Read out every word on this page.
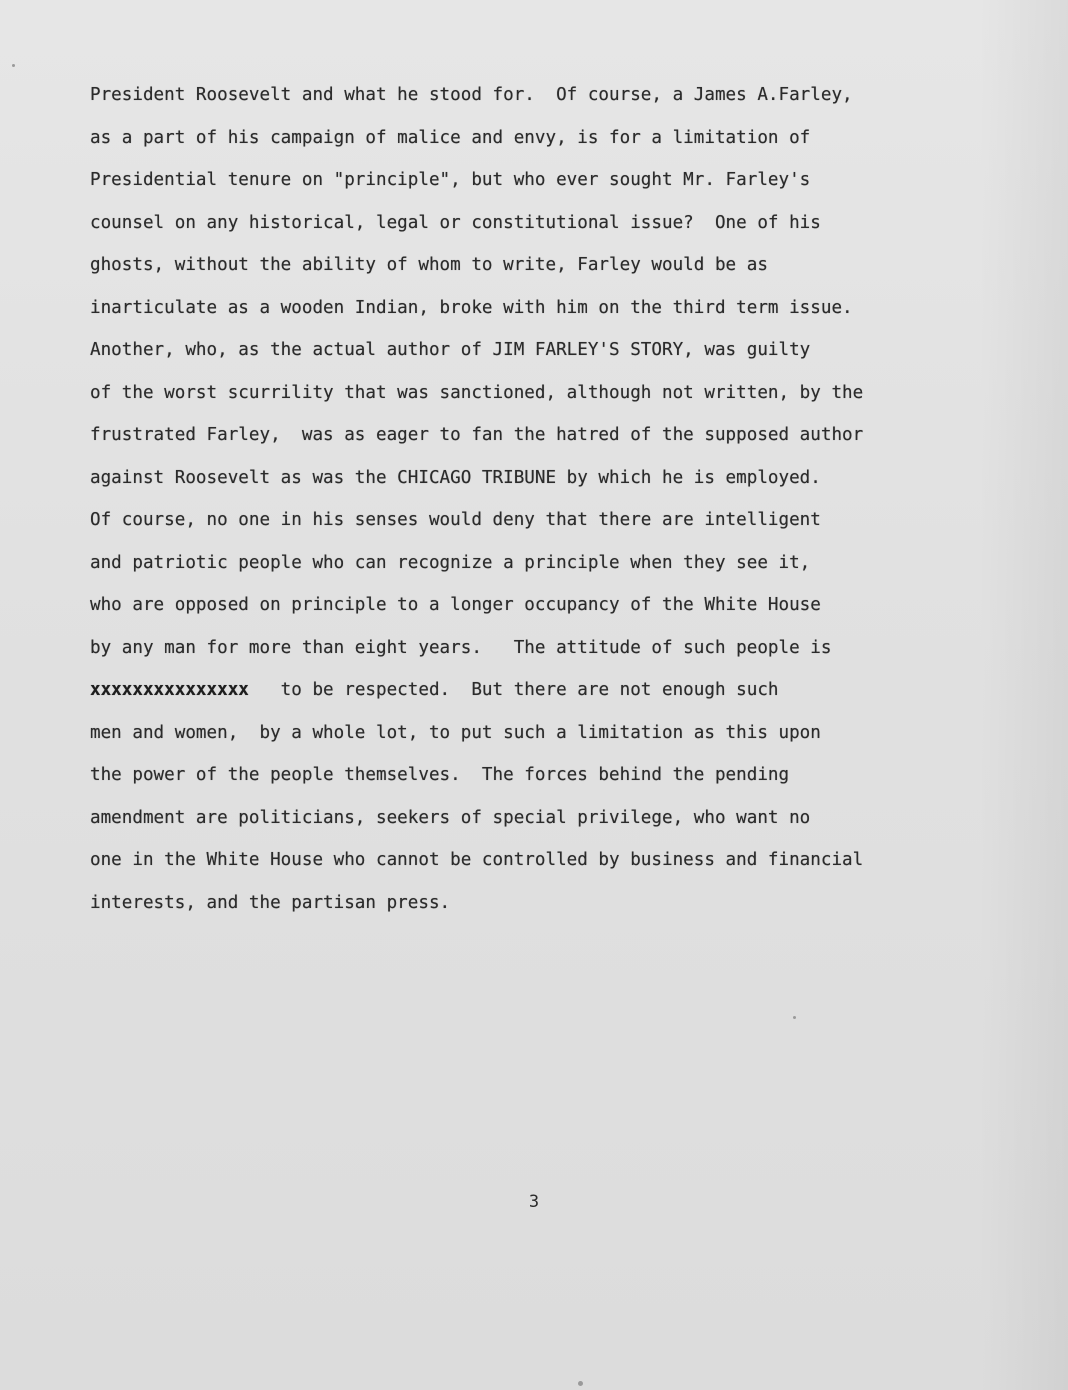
President Roosevelt and what he stood for.  Of course, a James A.Farley,
as a part of his campaign of malice and envy, is for a limitation of
Presidential tenure on "principle", but who ever sought Mr. Farley's
counsel on any historical, legal or constitutional issue?  One of his
ghosts, without the ability of whom to write, Farley would be as
inarticulate as a wooden Indian, broke with him on the third term issue.
Another, who, as the actual author of JIM FARLEY'S STORY, was guilty
of the worst scurrility that was sanctioned, although not written, by the
frustrated Farley,  was as eager to fan the hatred of the supposed author
against Roosevelt as was the CHICAGO TRIBUNE by which he is employed.
Of course, no one in his senses would deny that there are intelligent
and patriotic people who can recognize a principle when they see it,
who are opposed on principle to a longer occupancy of the White House
by any man for more than eight years.   The attitude of such people is
xxxxxxxxxxxxxxx   to be respected.  But there are not enough such
men and women,  by a whole lot, to put such a limitation as this upon
the power of the people themselves.  The forces behind the pending
amendment are politicians, seekers of special privilege, who want no
one in the White House who cannot be controlled by business and financial
interests, and the partisan press.
3
